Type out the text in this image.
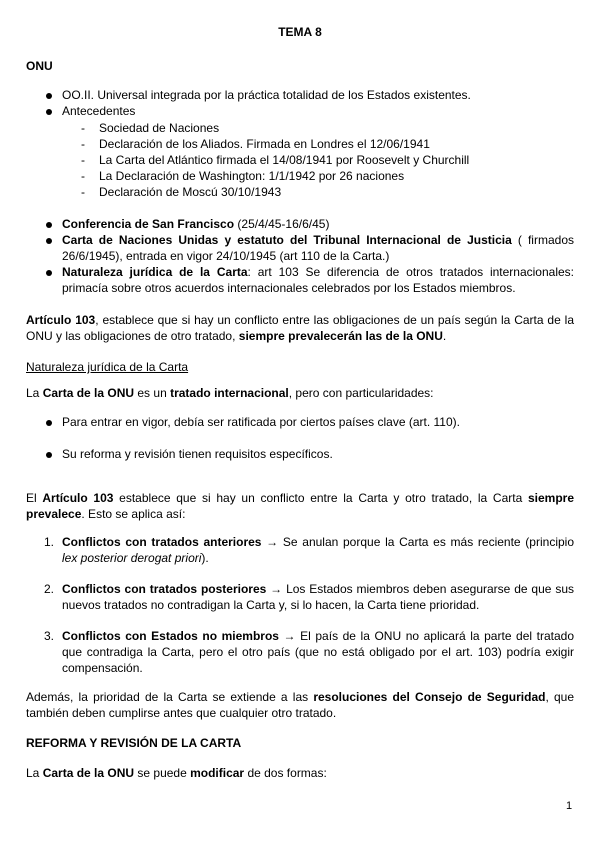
TEMA 8
ONU
OO.II. Universal integrada por la práctica totalidad de los Estados existentes.
Antecedentes
- Sociedad de Naciones
- Declaración de los Aliados. Firmada en Londres el 12/06/1941
- La Carta del Atlántico firmada el 14/08/1941 por Roosevelt y Churchill
- La Declaración de Washington: 1/1/1942 por 26 naciones
- Declaración de Moscú 30/10/1943
Conferencia de San Francisco (25/4/45-16/6/45)
Carta de Naciones Unidas y estatuto del Tribunal Internacional de Justicia ( firmados
26/6/1945), entrada en vigor 24/10/1945 (art 110 de la Carta.)
Naturaleza jurídica de la Carta: art 103 Se diferencia de otros tratados internacionales:
primacía sobre otros acuerdos internacionales celebrados por los Estados miembros.
Artículo 103, establece que si hay un conflicto entre las obligaciones de un país según la Carta de la
ONU y las obligaciones de otro tratado, siempre prevalecerán las de la ONU.
Naturaleza jurídica de la Carta
La Carta de la ONU es un tratado internacional, pero con particularidades:
Para entrar en vigor, debía ser ratificada por ciertos países clave (art. 110).
Su reforma y revisión tienen requisitos específicos.
El Artículo 103 establece que si hay un conflicto entre la Carta y otro tratado, la Carta siempre
prevalece. Esto se aplica así:
1. Conflictos con tratados anteriores → Se anulan porque la Carta es más reciente (principio
lex posterior derogat priori).
2. Conflictos con tratados posteriores → Los Estados miembros deben asegurarse de que sus
nuevos tratados no contradigan la Carta y, si lo hacen, la Carta tiene prioridad.
3. Conflictos con Estados no miembros → El país de la ONU no aplicará la parte del tratado
que contradiga la Carta, pero el otro país (que no está obligado por el art. 103) podría exigir
compensación.
Además, la prioridad de la Carta se extiende a las resoluciones del Consejo de Seguridad, que
también deben cumplirse antes que cualquier otro tratado.
REFORMA Y REVISIÓN DE LA CARTA
La Carta de la ONU se puede modificar de dos formas:
1
